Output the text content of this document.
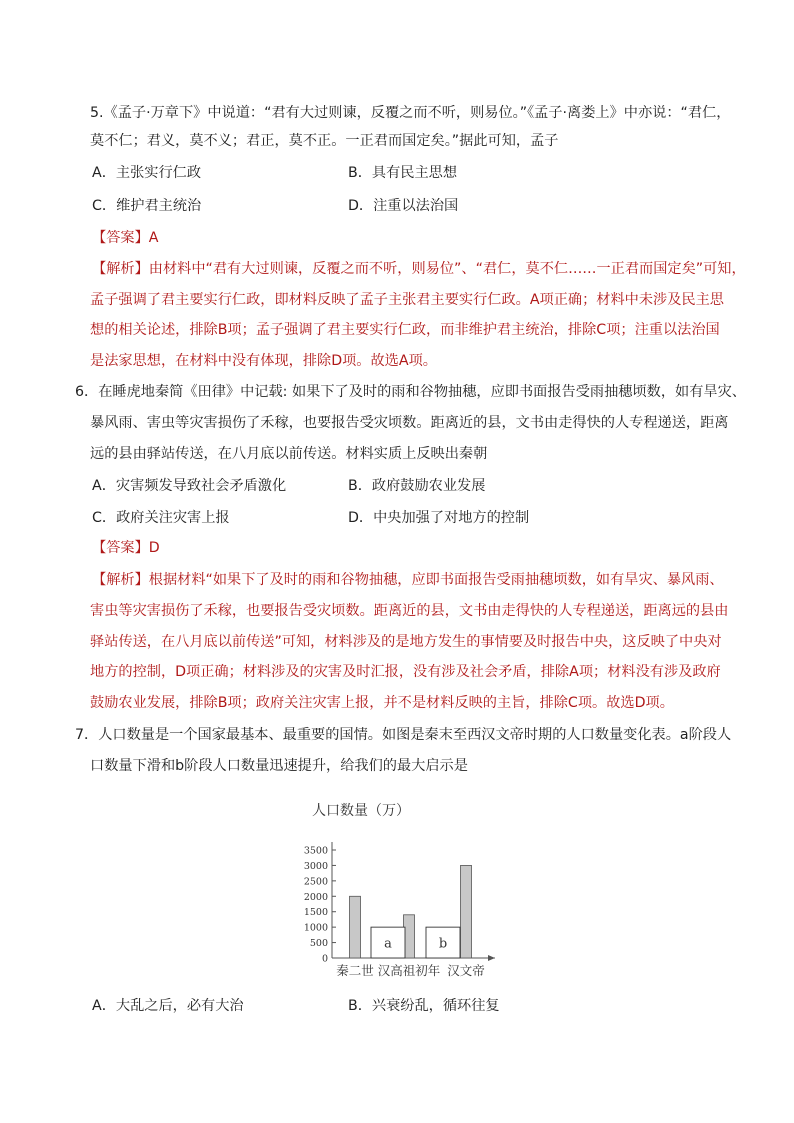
5.《孟子·万章下》中说道：“君有大过则谏，反覆之而不听，则易位。”《孟子·离娄上》中亦说：“君仁，
莫不仁；君义，莫不义；君正，莫不正。一正君而国定矣。”据此可知，孟子
A．主张实行仁政	B．具有民主思想
C．维护君主统治	D．注重以法治国
【答案】A
【解析】由材料中“君有大过则谏，反覆之而不听，则易位”、“君仁，莫不仁……一正君而国定矣”可知，
孟子强调了君主要实行仁政，即材料反映了孟子主张君主要实行仁政。A项正确；材料中未涉及民主思
想的相关论述，排除B项；孟子强调了君主要实行仁政，而非维护君主统治，排除C项；注重以法治国
是法家思想，在材料中没有体现，排除D项。故选A项。
6．在睡虎地秦简《田律》中记载: 如果下了及时的雨和谷物抽穗，应即书面报告受雨抽穗顷数，如有旱灾、
暴风雨、害虫等灾害损伤了禾稼，也要报告受灾顷数。距离近的县，文书由走得快的人专程递送，距离
远的县由驿站传送，在八月底以前传送。材料实质上反映出秦朝
A．灾害频发导致社会矛盾激化	B．政府鼓励农业发展
C．政府关注灾害上报	D．中央加强了对地方的控制
【答案】D
【解析】根据材料“如果下了及时的雨和谷物抽穗，应即书面报告受雨抽穗顷数，如有旱灾、暴风雨、
害虫等灾害损伤了禾稼，也要报告受灾顷数。距离近的县，文书由走得快的人专程递送，距离远的县由
驿站传送，在八月底以前传送”可知，材料涉及的是地方发生的事情要及时报告中央，这反映了中央对
地方的控制，D项正确；材料涉及的灾害及时汇报，没有涉及社会矛盾，排除A项；材料没有涉及政府
鼓励农业发展，排除B项；政府关注灾害上报，并不是材料反映的主旨，排除C项。故选D项。
7．人口数量是一个国家最基本、最重要的国情。如图是秦末至西汉文帝时期的人口数量变化表。a阶段人
口数量下滑和b阶段人口数量迅速提升，给我们的最大启示是
人口数量（万）
0
500
1000
1500
2000
2500
3000
3500
a	b
秦二世 汉高祖初年 汉文帝
A．大乱之后，必有大治	B．兴衰纷乱，循环往复
